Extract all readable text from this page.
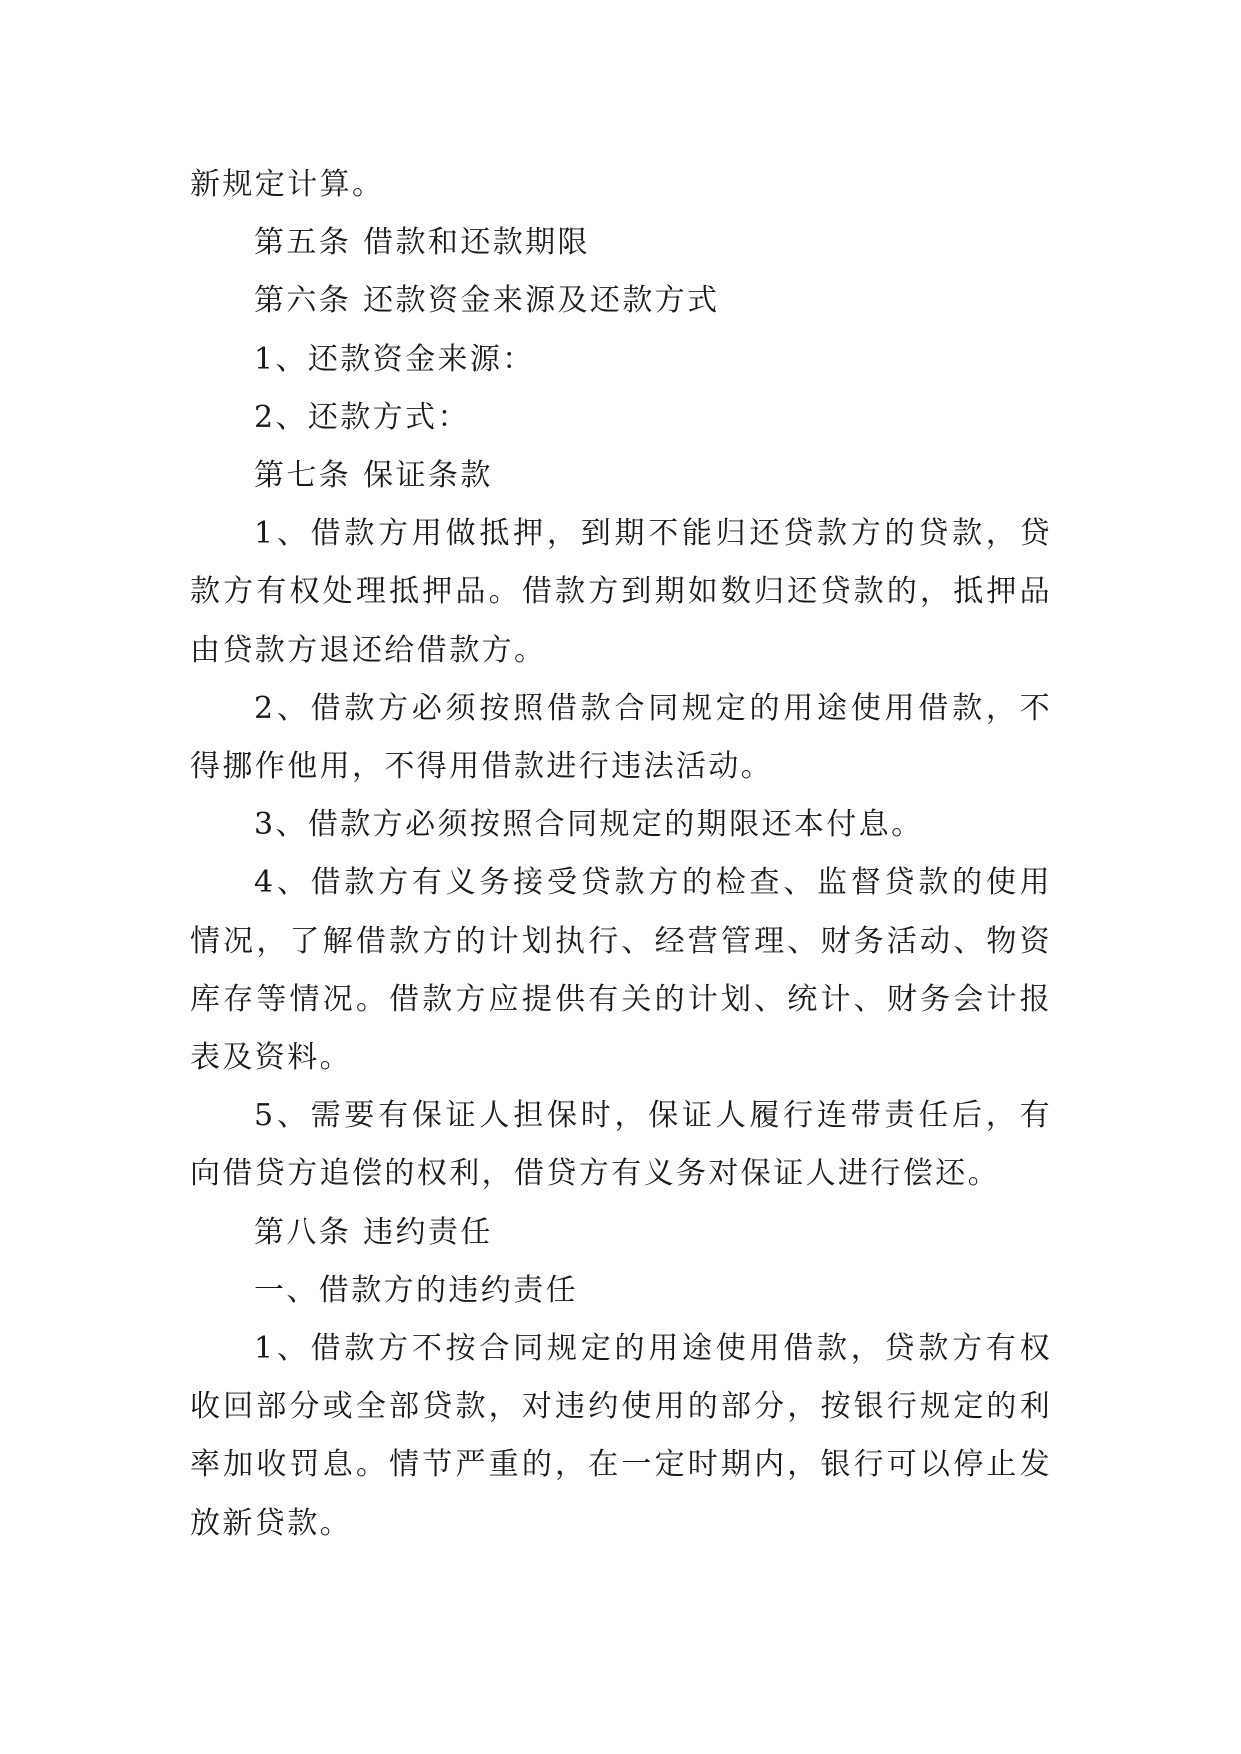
新规定计算。

第五条 借款和还款期限

第六条 还款资金来源及还款方式

1、还款资金来源：

2、还款方式：

第七条 保证条款

1、借款方用做抵押，到期不能归还贷款方的贷款，贷款方有权处理抵押品。借款方到期如数归还贷款的，抵押品由贷款方退还给借款方。

2、借款方必须按照借款合同规定的用途使用借款，不得挪作他用，不得用借款进行违法活动。

3、借款方必须按照合同规定的期限还本付息。

4、借款方有义务接受贷款方的检查、监督贷款的使用情况，了解借款方的计划执行、经营管理、财务活动、物资库存等情况。借款方应提供有关的计划、统计、财务会计报表及资料。

5、需要有保证人担保时，保证人履行连带责任后，有向借贷方追偿的权利，借贷方有义务对保证人进行偿还。

第八条 违约责任

一、借款方的违约责任

1、借款方不按合同规定的用途使用借款，贷款方有权收回部分或全部贷款，对违约使用的部分，按银行规定的利率加收罚息。情节严重的，在一定时期内，银行可以停止发放新贷款。
